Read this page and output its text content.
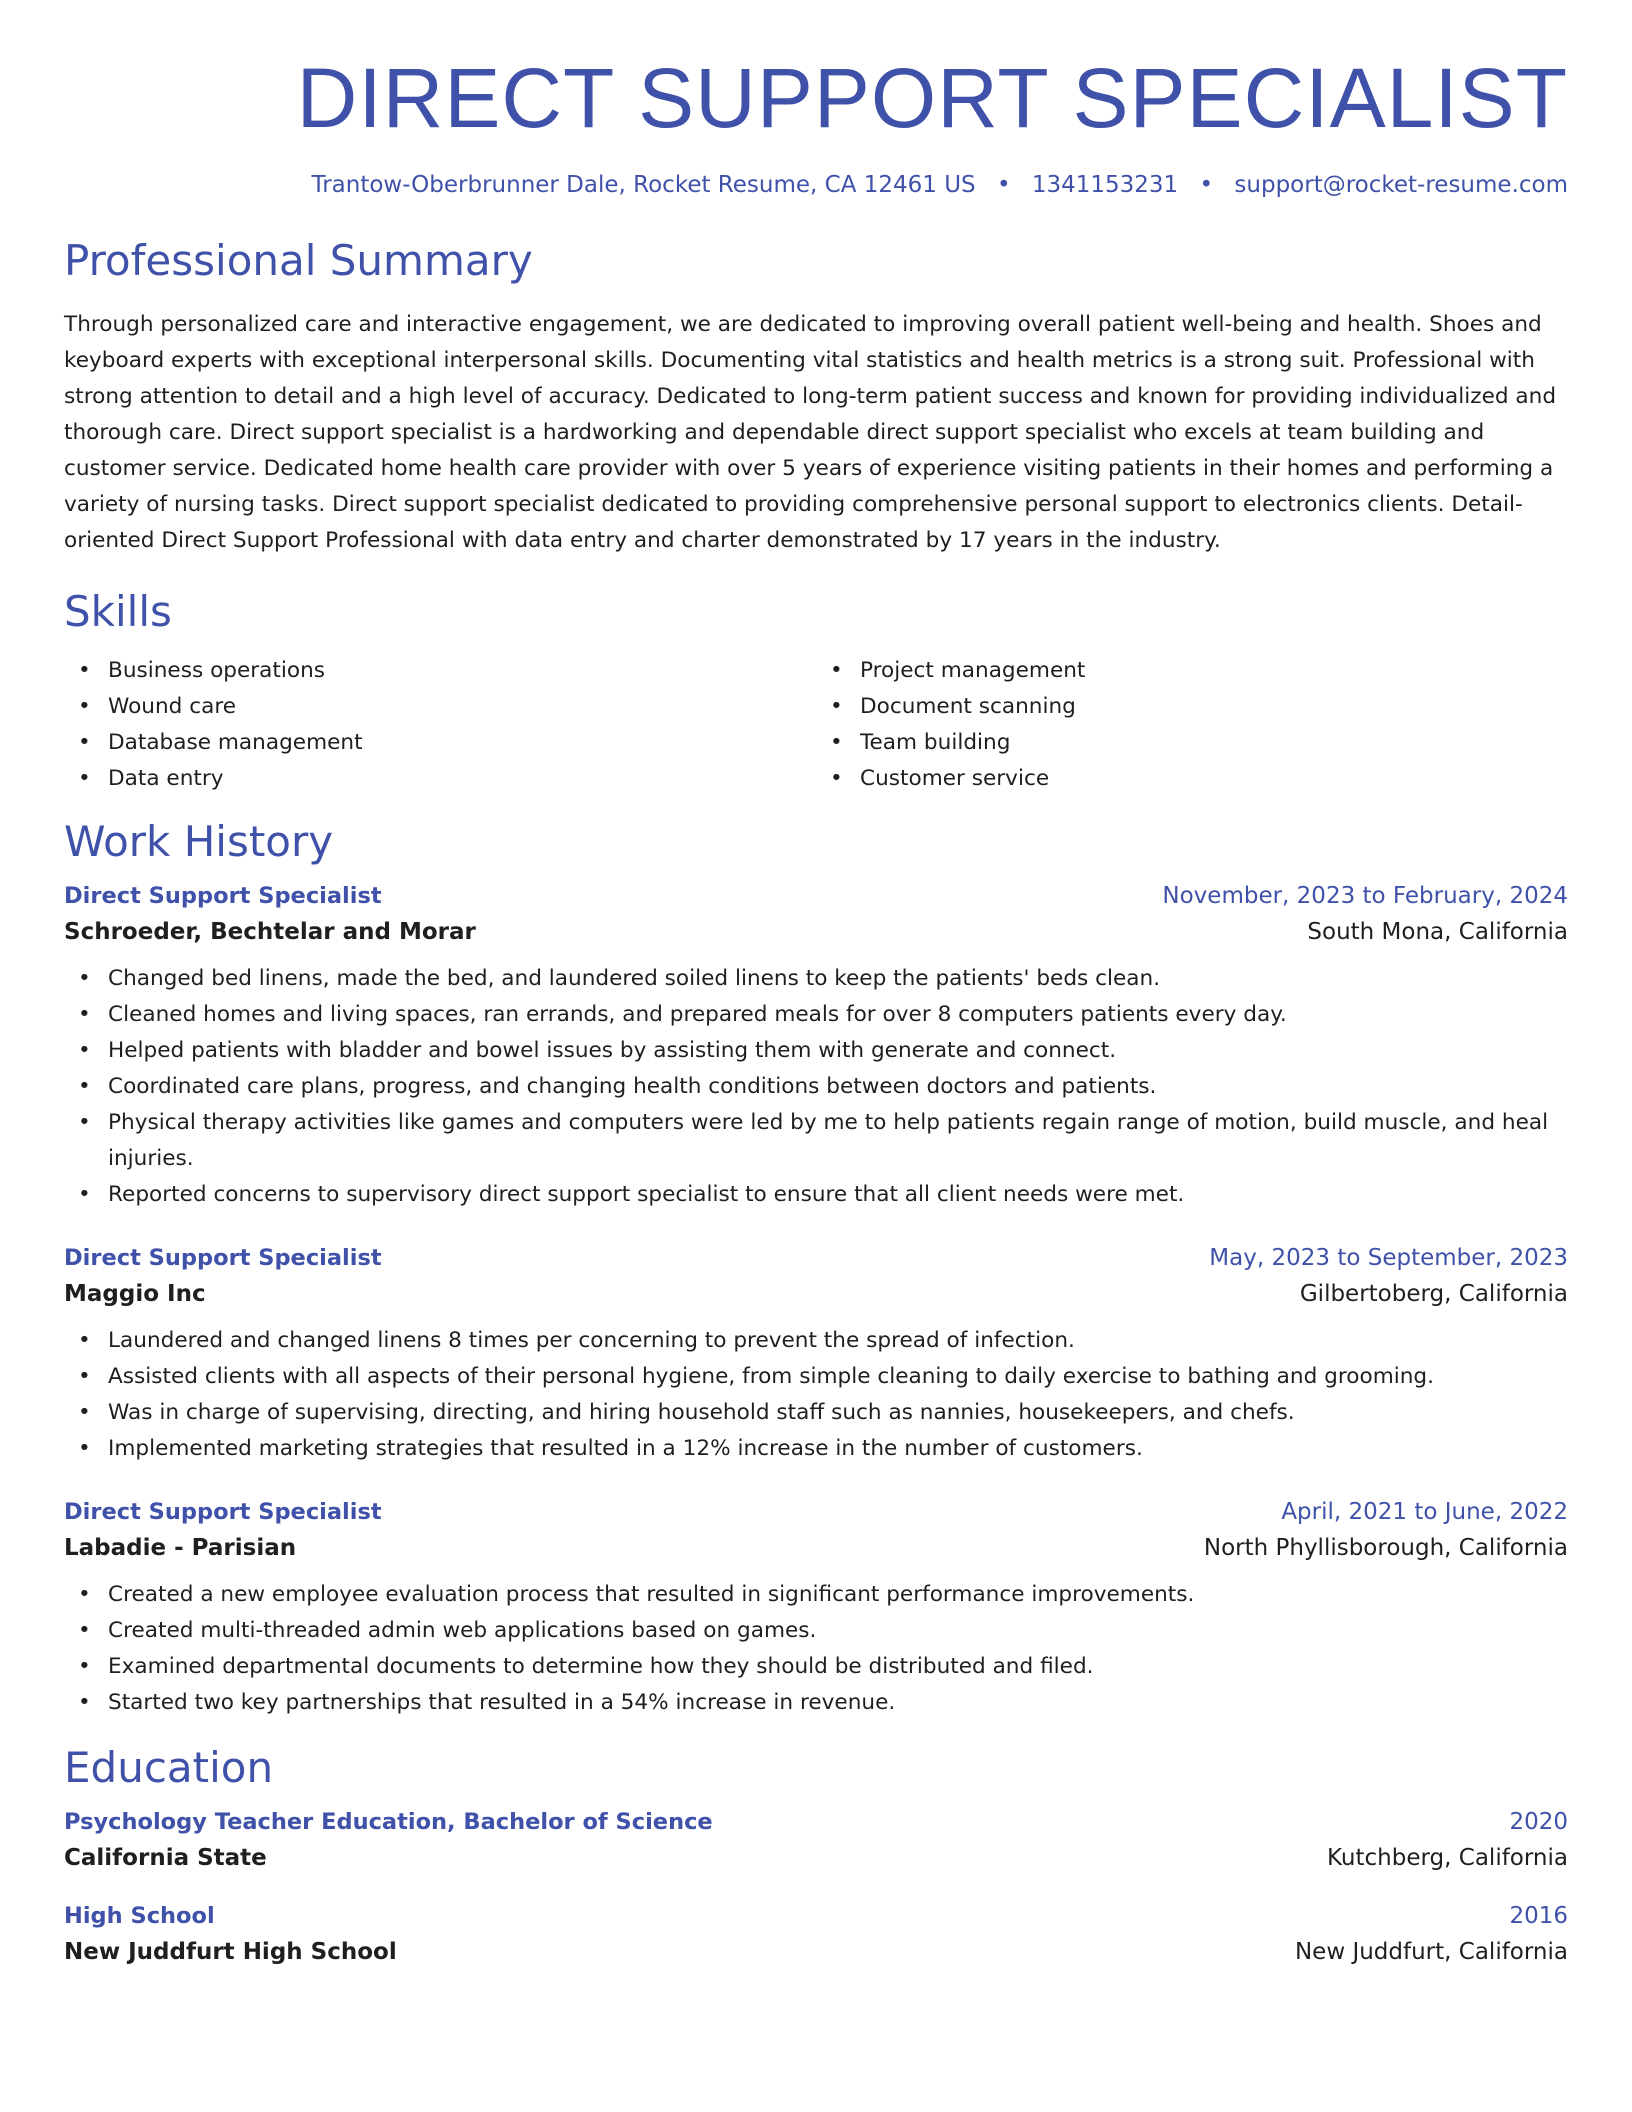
DIRECT SUPPORT SPECIALIST
Trantow-Oberbrunner Dale, Rocket Resume, CA 12461 US • 1341153231 • support@rocket-resume.com
Professional Summary

Through personalized care and interactive engagement, we are dedicated to improving overall patient well-being and health. Shoes and keyboard experts with exceptional interpersonal skills. Documenting vital statistics and health metrics is a strong suit. Professional with strong attention to detail and a high level of accuracy. Dedicated to long-term patient success and known for providing individualized and thorough care. Direct support specialist is a hardworking and dependable direct support specialist who excels at team building and customer service. Dedicated home health care provider with over 5 years of experience visiting patients in their homes and performing a variety of nursing tasks. Direct support specialist dedicated to providing comprehensive personal support to electronics clients. Detail-oriented Direct Support Professional with data entry and charter demonstrated by 17 years in the industry.

Skills
• Business operations
• Wound care
• Database management
• Data entry
• Project management
• Document scanning
• Team building
• Customer service
Work History
Direct Support Specialist	November, 2023 to February, 2024
Schroeder, Bechtelar and Morar	South Mona, California
• Changed bed linens, made the bed, and laundered soiled linens to keep the patients' beds clean.
• Cleaned homes and living spaces, ran errands, and prepared meals for over 8 computers patients every day.
• Helped patients with bladder and bowel issues by assisting them with generate and connect.
• Coordinated care plans, progress, and changing health conditions between doctors and patients.
• Physical therapy activities like games and computers were led by me to help patients regain range of motion, build muscle, and heal injuries.
• Reported concerns to supervisory direct support specialist to ensure that all client needs were met.
Direct Support Specialist	May, 2023 to September, 2023
Maggio Inc	Gilbertoberg, California
• Laundered and changed linens 8 times per concerning to prevent the spread of infection.
• Assisted clients with all aspects of their personal hygiene, from simple cleaning to daily exercise to bathing and grooming.
• Was in charge of supervising, directing, and hiring household staff such as nannies, housekeepers, and chefs.
• Implemented marketing strategies that resulted in a 12% increase in the number of customers.
Direct Support Specialist	April, 2021 to June, 2022
Labadie - Parisian	North Phyllisborough, California
• Created a new employee evaluation process that resulted in significant performance improvements.
• Created multi-threaded admin web applications based on games.
• Examined departmental documents to determine how they should be distributed and filed.
• Started two key partnerships that resulted in a 54% increase in revenue.
Education
Psychology Teacher Education, Bachelor of Science	2020
California State	Kutchberg, California
High School	2016
New Juddfurt High School	New Juddfurt, California
